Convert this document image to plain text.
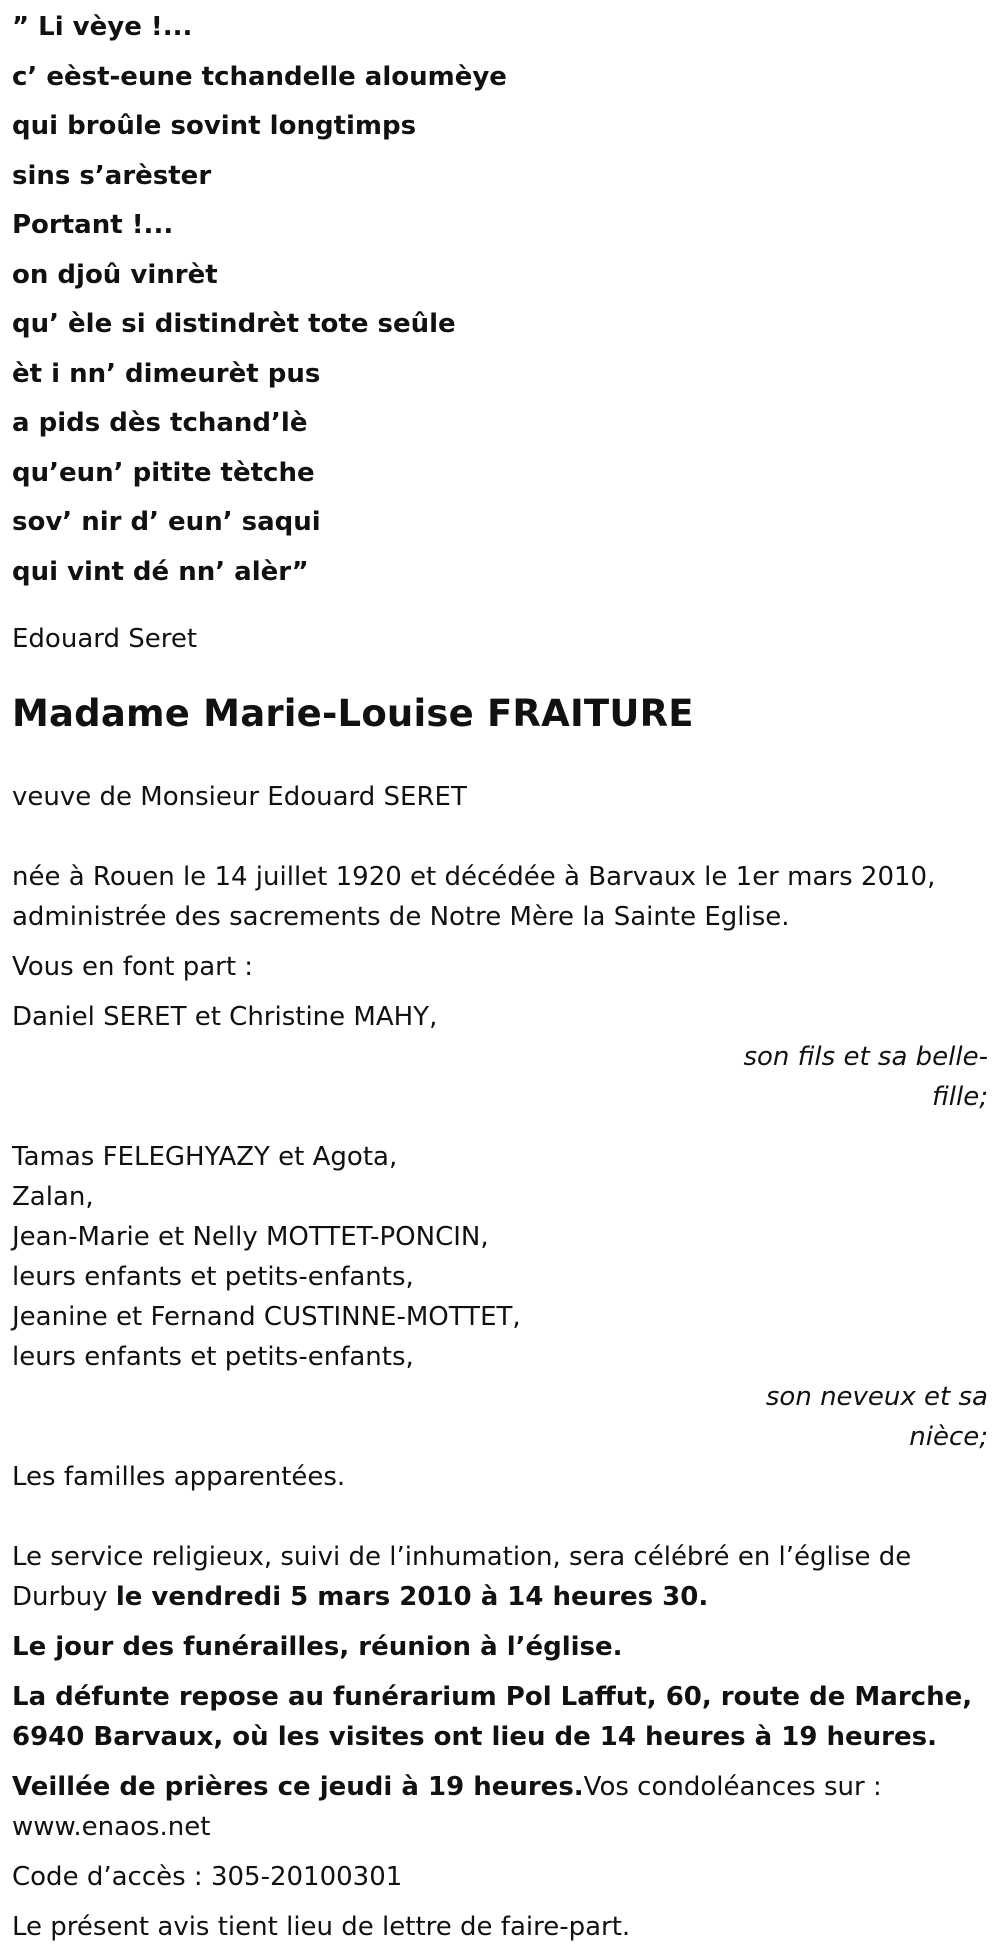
” Li vèye !...
c’ eèst-eune tchandelle aloumèye
qui broûle sovint longtimps
sins s’arèster
Portant !...
on djoû vinrèt
qu’ èle si distindrèt tote seûle
èt i nn’ dimeurèt pus
a pids dès tchand’lè
qu’eun’ pitite tètche
sov’ nir d’ eun’ saqui
qui vint dé nn’ alèr”
Edouard Seret
Madame Marie-Louise FRAITURE
veuve de Monsieur Edouard SERET
née à Rouen le 14 juillet 1920 et décédée à Barvaux le 1er mars 2010,
administrée des sacrements de Notre Mère la Sainte Eglise.
Vous en font part :
Daniel SERET et Christine MAHY,
son fils et sa belle-
fille;
Tamas FELEGHYAZY et Agota,
Zalan,
Jean-Marie et Nelly MOTTET-PONCIN,
leurs enfants et petits-enfants,
Jeanine et Fernand CUSTINNE-MOTTET,
leurs enfants et petits-enfants,
son neveux et sa
nièce;
Les familles apparentées.
Le service religieux, suivi de l’inhumation, sera célébré en l’église de
Durbuy le vendredi 5 mars 2010 à 14 heures 30.
Le jour des funérailles, réunion à l’église.
La défunte repose au funérarium Pol Laffut, 60, route de Marche,
6940 Barvaux, où les visites ont lieu de 14 heures à 19 heures.
Veillée de prières ce jeudi à 19 heures.Vos condoléances sur :
www.enaos.net
Code d’accès : 305-20100301
Le présent avis tient lieu de lettre de faire-part.
